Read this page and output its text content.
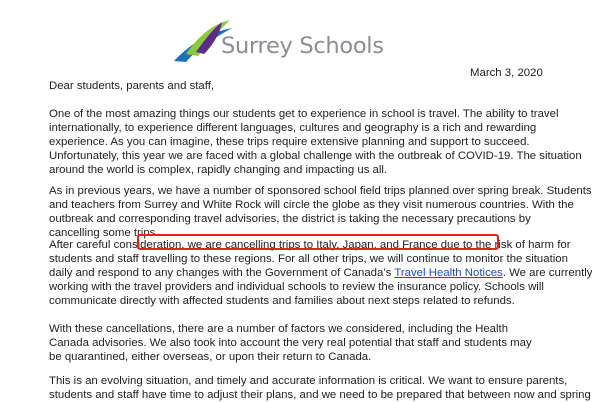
Surrey Schools
March 3, 2020
Dear students, parents and staff,
One of the most amazing things our students get to experience in school is travel. The ability to travel
internationally, to experience different languages, cultures and geography is a rich and rewarding
experience. As you can imagine, these trips require extensive planning and support to succeed.
Unfortunately, this year we are faced with a global challenge with the outbreak of COVID-19. The situation
around the world is complex, rapidly changing and impacting us all.
As in previous years, we have a number of sponsored school field trips planned over spring break. Students
and teachers from Surrey and White Rock will circle the globe as they visit numerous countries. With the
outbreak and corresponding travel advisories, the district is taking the necessary precautions by
cancelling some trips.
After careful consideration, we are cancelling trips to Italy, Japan, and France due to the risk of harm for
students and staff travelling to these regions. For all other trips, we will continue to monitor the situation
daily and respond to any changes with the Government of Canada’s Travel Health Notices. We are currently
working with the travel providers and individual schools to review the insurance policy. Schools will
communicate directly with affected students and families about next steps related to refunds.
With these cancellations, there are a number of factors we considered, including the Health
Canada advisories. We also took into account the very real potential that staff and students may
be quarantined, either overseas, or upon their return to Canada.
This is an evolving situation, and timely and accurate information is critical. We want to ensure parents,
students and staff have time to adjust their plans, and we need to be prepared that between now and spring
